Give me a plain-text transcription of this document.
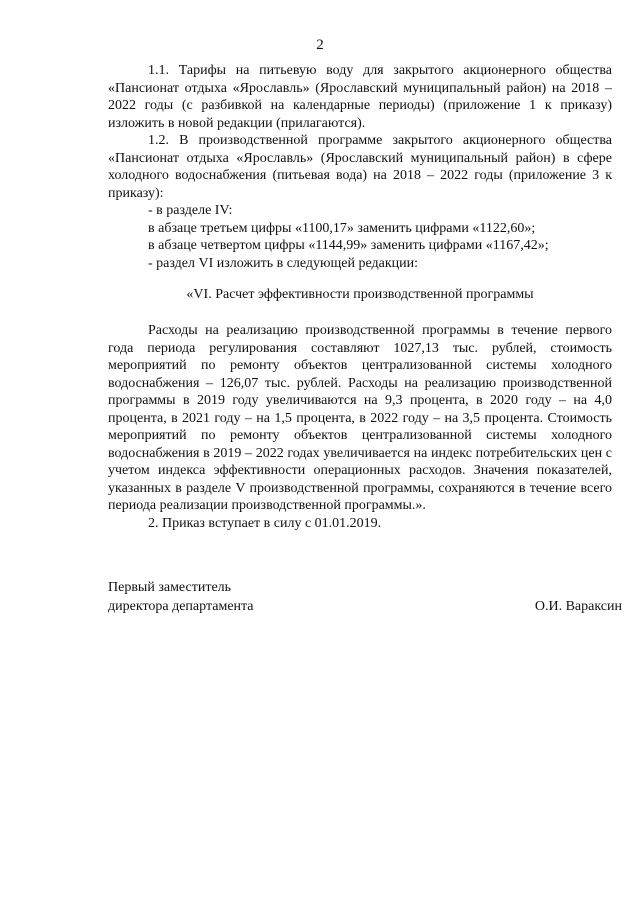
2

1.1. Тарифы на питьевую воду для закрытого акционерного общества «Пансионат отдыха «Ярославль» (Ярославский муниципальный район) на 2018 – 2022 годы (с разбивкой на календарные периоды) (приложение 1 к приказу) изложить в новой редакции (прилагаются).

1.2. В производственной программе закрытого акционерного общества «Пансионат отдыха «Ярославль» (Ярославский муниципальный район) в сфере холодного водоснабжения (питьевая вода) на 2018 – 2022 годы (приложение 3 к приказу):

- в разделе IV:
в абзаце третьем цифры «1100,17» заменить цифрами «1122,60»;
в абзаце четвертом цифры «1144,99» заменить цифрами «1167,42»;
- раздел VI изложить в следующей редакции:
«VI. Расчет эффективности производственной программы

Расходы на реализацию производственной программы в течение первого года периода регулирования составляют 1027,13 тыс. рублей, стоимость мероприятий по ремонту объектов централизованной системы холодного водоснабжения – 126,07 тыс. рублей. Расходы на реализацию производственной программы в 2019 году увеличиваются на 9,3 процента, в 2020 году – на 4,0 процента, в 2021 году – на 1,5 процента, в 2022 году – на 3,5 процента. Стоимость мероприятий по ремонту объектов централизованной системы холодного водоснабжения в 2019 – 2022 годах увеличивается на индекс потребительских цен с учетом индекса эффективности операционных расходов. Значения показателей, указанных в разделе V производственной программы, сохраняются в течение всего периода реализации производственной программы.».

2. Приказ вступает в силу с 01.01.2019.

Первый заместитель
директора департамента	О.И. Вараксин
